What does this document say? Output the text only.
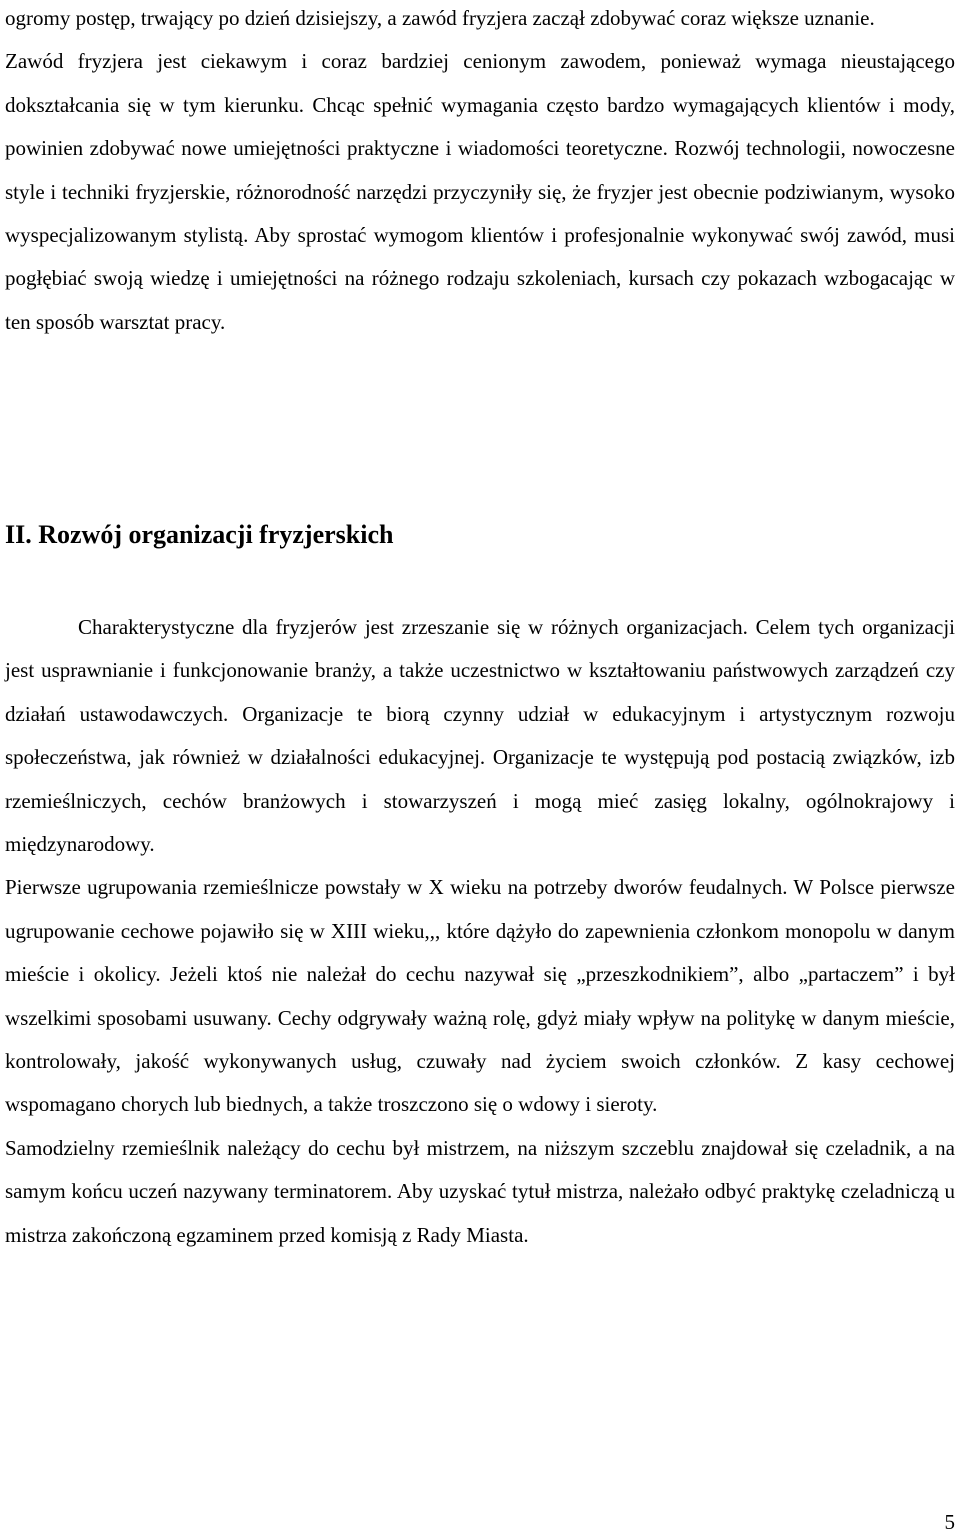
ogromy postęp, trwający po dzień dzisiejszy, a zawód fryzjera zaczął zdobywać coraz większe uznanie.

Zawód fryzjera jest ciekawym i coraz bardziej cenionym zawodem, ponieważ wymaga nieustającego dokształcania się w tym kierunku. Chcąc spełnić wymagania często bardzo wymagających klientów i mody, powinien zdobywać nowe umiejętności praktyczne i wiadomości teoretyczne. Rozwój technologii, nowoczesne style i techniki fryzjerskie, różnorodność narzędzi przyczyniły się, że fryzjer jest obecnie podziwianym, wysoko wyspecjalizowanym stylistą. Aby sprostać wymogom klientów i profesjonalnie wykonywać swój zawód, musi pogłębiać swoją wiedzę i umiejętności na różnego rodzaju szkoleniach, kursach czy pokazach wzbogacając w ten sposób warsztat pracy.

II. Rozwój organizacji fryzjerskich

Charakterystyczne dla fryzjerów jest zrzeszanie się w różnych organizacjach. Celem tych organizacji jest usprawnianie i funkcjonowanie branży, a także uczestnictwo w kształtowaniu państwowych zarządzeń czy działań ustawodawczych. Organizacje te biorą czynny udział w edukacyjnym i artystycznym rozwoju społeczeństwa, jak również w działalności edukacyjnej. Organizacje te występują pod postacią związków, izb rzemieślniczych, cechów branżowych i stowarzyszeń i mogą mieć zasięg lokalny, ogólnokrajowy i międzynarodowy.

Pierwsze ugrupowania rzemieślnicze powstały w X wieku na potrzeby dworów feudalnych. W Polsce pierwsze ugrupowanie cechowe pojawiło się w XIII wieku,,, które dążyło do zapewnienia członkom monopolu w danym mieście i okolicy. Jeżeli ktoś nie należał do cechu nazywał się „przeszkodnikiem”, albo „partaczem” i był wszelkimi sposobami usuwany. Cechy odgrywały ważną rolę, gdyż miały wpływ na politykę w danym mieście, kontrolowały, jakość wykonywanych usług, czuwały nad życiem swoich członków. Z kasy cechowej wspomagano chorych lub biednych, a także troszczono się o wdowy i sieroty.

Samodzielny rzemieślnik należący do cechu był mistrzem, na niższym szczeblu znajdował się czeladnik, a na samym końcu uczeń nazywany terminatorem. Aby uzyskać tytuł mistrza, należało odbyć praktykę czeladniczą u mistrza zakończoną egzaminem przed komisją z Rady Miasta.

5
